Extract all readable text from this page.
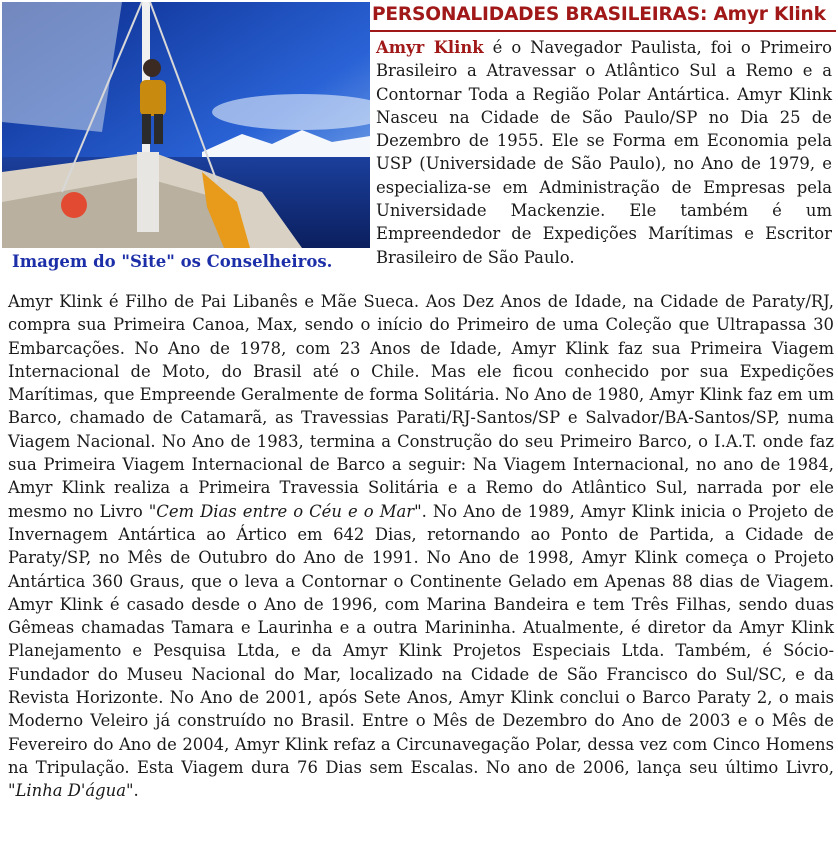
Imagem do "Site" os Conselheiros.
PERSONALIDADES BRASILEIRAS: Amyr Klink
Amyr Klink é o Navegador Paulista, foi o Primeiro Brasileiro a Atravessar o Atlântico Sul a Remo e a Contornar Toda a Região Polar Antártica. Amyr Klink Nasceu na Cidade de São Paulo/SP no Dia 25 de Dezembro de 1955. Ele se Forma em Economia pela USP (Universidade de São Paulo), no Ano de 1979, e especializa-se em Administração de Empresas pela Universidade Mackenzie. Ele também é um Empreendedor de Expedições Marítimas e Escritor Brasileiro de São Paulo.

Amyr Klink é Filho de Pai Libanês e Mãe Sueca. Aos Dez Anos de Idade, na Cidade de Paraty/RJ, compra sua Primeira Canoa, Max, sendo o início do Primeiro de uma Coleção que Ultrapassa 30 Embarcações. No Ano de 1978, com 23 Anos de Idade, Amyr Klink faz sua Primeira Viagem Internacional de Moto, do Brasil até o Chile. Mas ele ficou conhecido por sua Expedições Marítimas, que Empreende Geralmente de forma Solitária. No Ano de 1980, Amyr Klink faz em um Barco, chamado de Catamarã, as Travessias Parati/RJ-Santos/SP e Salvador/BA-Santos/SP, numa Viagem Nacional. No Ano de 1983, termina a Construção do seu Primeiro Barco, o I.A.T. onde faz sua Primeira Viagem Internacional de Barco a seguir: Na Viagem Internacional, no ano de 1984, Amyr Klink realiza a Primeira Travessia Solitária e a Remo do Atlântico Sul, narrada por ele mesmo no Livro "Cem Dias entre o Céu e o Mar". No Ano de 1989, Amyr Klink inicia o Projeto de Invernagem Antártica ao Ártico em 642 Dias, retornando ao Ponto de Partida, a Cidade de Paraty/SP, no Mês de Outubro do Ano de 1991. No Ano de 1998, Amyr Klink começa o Projeto Antártica 360 Graus, que o leva a Contornar o Continente Gelado em Apenas 88 dias de Viagem. Amyr Klink é casado desde o Ano de 1996, com Marina Bandeira e tem Três Filhas, sendo duas Gêmeas chamadas Tamara e Laurinha e a outra Marininha. Atualmente, é diretor da Amyr Klink Planejamento e Pesquisa Ltda, e da Amyr Klink Projetos Especiais Ltda. Também, é Sócio-Fundador do Museu Nacional do Mar, localizado na Cidade de São Francisco do Sul/SC, e da Revista Horizonte. No Ano de 2001, após Sete Anos, Amyr Klink conclui o Barco Paraty 2, o mais Moderno Veleiro já construído no Brasil. Entre o Mês de Dezembro do Ano de 2003 e o Mês de Fevereiro do Ano de 2004, Amyr Klink refaz a Circunavegação Polar, dessa vez com Cinco Homens na Tripulação. Esta Viagem dura 76 Dias sem Escalas. No ano de 2006, lança seu último Livro, "Linha D'água".
